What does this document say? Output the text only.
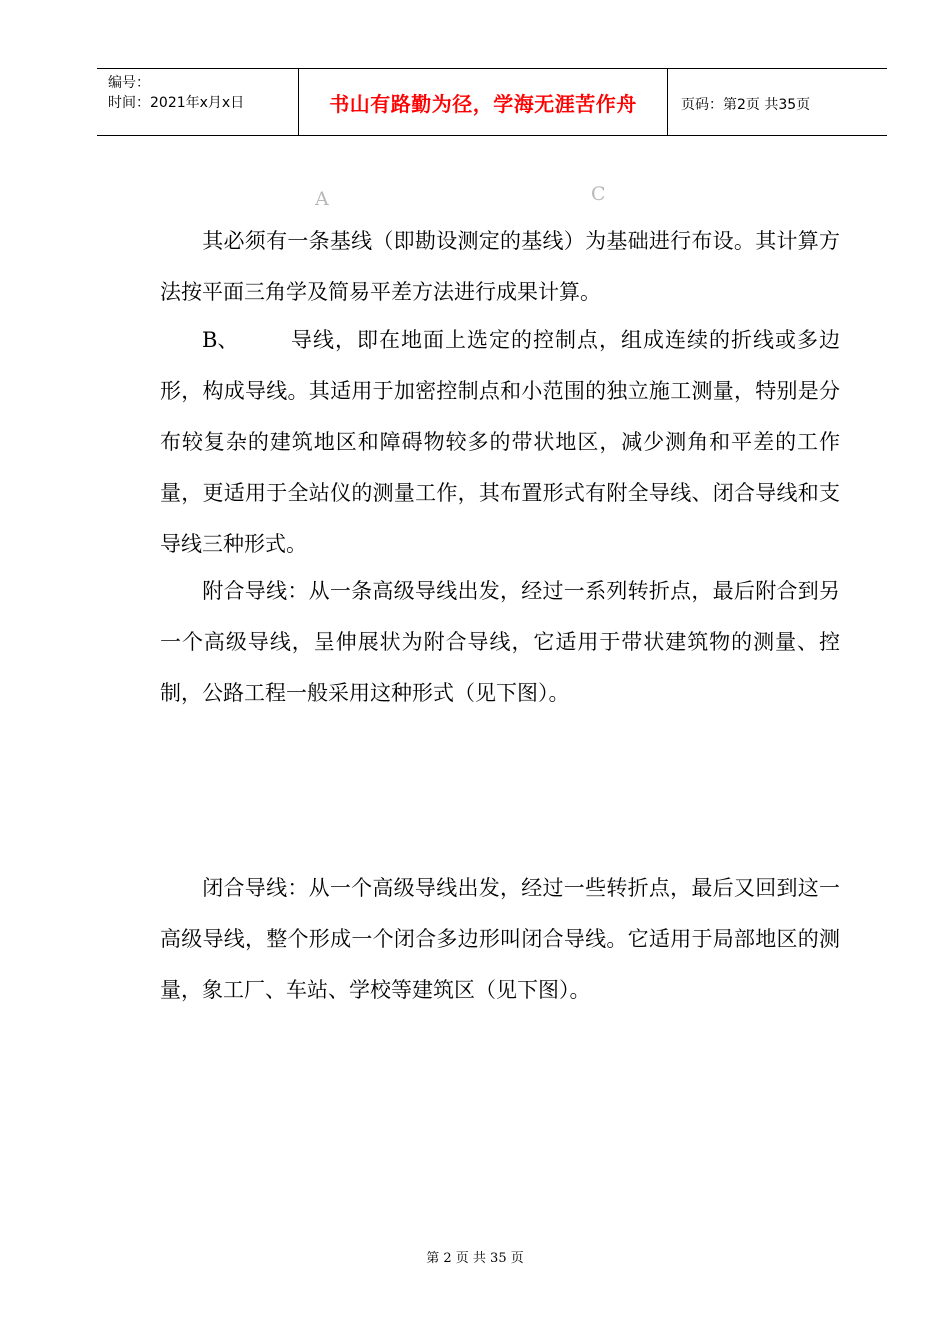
编号：
时间：2021年x月x日	书山有路勤为径，学海无涯苦作舟	页码：第2页 共35页
A	C
其必须有一条基线（即勘设测定的基线）为基础进行布设。其计算方法按平面三角学及简易平差方法进行成果计算。
B、 导线，即在地面上选定的控制点，组成连续的折线或多边形，构成导线。其适用于加密控制点和小范围的独立施工测量，特别是分布较复杂的建筑地区和障碍物较多的带状地区，减少测角和平差的工作量，更适用于全站仪的测量工作，其布置形式有附全导线、闭合导线和支导线三种形式。
附合导线：从一条高级导线出发，经过一系列转折点，最后附合到另一个高级导线，呈伸展状为附合导线，它适用于带状建筑物的测量、控制，公路工程一般采用这种形式（见下图）。
闭合导线：从一个高级导线出发，经过一些转折点，最后又回到这一高级导线，整个形成一个闭合多边形叫闭合导线。它适用于局部地区的测量，象工厂、车站、学校等建筑区（见下图）。
第 2 页 共 35 页
